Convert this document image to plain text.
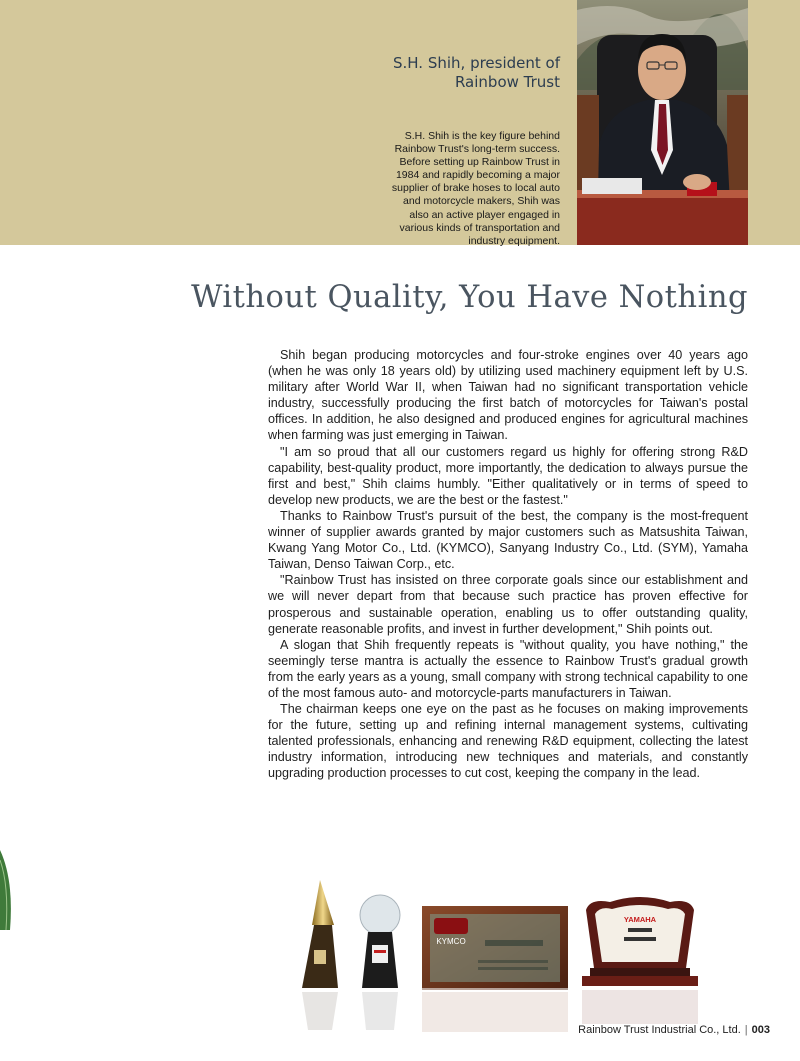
S.H. Shih, president of
Rainbow Trust
S.H. Shih is the key figure behind
Rainbow Trust's long-term success.
Before setting up Rainbow Trust in
1984 and rapidly becoming a major
supplier of brake hoses to local auto
and motorcycle makers, Shih was
also an active player engaged in
various kinds of transportation and
industry equipment.
Without Quality, You Have Nothing

Shih began producing motorcycles and four-stroke engines over 40 years ago (when he was only 18 years old) by utilizing used machinery equipment left by U.S. military after World War II, when Taiwan had no significant transportation vehicle industry, successfully producing the first batch of motorcycles for Taiwan's postal offices. In addition, he also designed and produced engines for agricultural machines when farming was just emerging in Taiwan.

"I am so proud that all our customers regard us highly for offering strong R&D capability, best-quality product, more importantly, the dedication to always pursue the first and best," Shih claims humbly. "Either qualitatively or in terms of speed to develop new products, we are the best or the fastest."

Thanks to Rainbow Trust's pursuit of the best, the company is the most-frequent winner of supplier awards granted by major customers such as Matsushita Taiwan, Kwang Yang Motor Co., Ltd. (KYMCO), Sanyang Industry Co., Ltd. (SYM), Yamaha Taiwan, Denso Taiwan Corp., etc.

"Rainbow Trust has insisted on three corporate goals since our establishment and we will never depart from that because such practice has proven effective for prosperous and sustainable operation, enabling us to offer outstanding quality, generate reasonable profits, and invest in further development," Shih points out.

A slogan that Shih frequently repeats is "without quality, you have nothing," the seemingly terse mantra is actually the essence to Rainbow Trust's gradual growth from the early years as a young, small company with strong technical capability to one of the most famous auto- and motorcycle-parts manufacturers in Taiwan.

The chairman keeps one eye on the past as he focuses on making improvements for the future, setting up and refining internal management systems, cultivating talented professionals, enhancing and renewing R&D equipment, collecting the latest industry information, introducing new techniques and materials, and constantly upgrading production processes to cut cost, keeping the company in the lead.

KYMCO
YAMAHA
Rainbow Trust Industrial Co., Ltd. | 003
